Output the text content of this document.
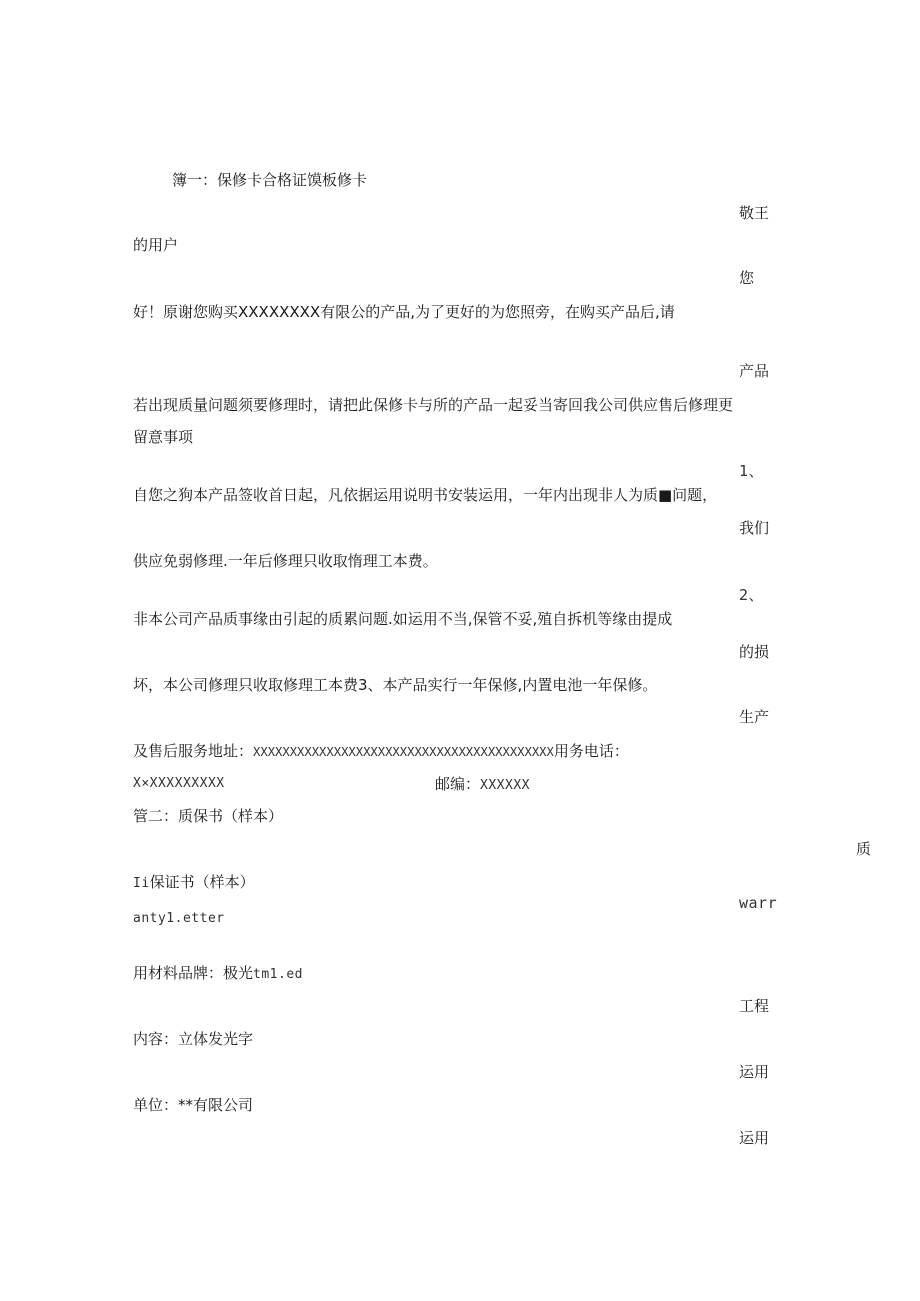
簿一：保修卡合格证馍板修卡

的用户

好！原谢您购买XXXXXXXX有限公的产品,为了更好的为您照旁，在购买产品后,请

若出现质量问题须要修理时，请把此保修卡与所的产品一起妥当寄回我公司供应售后修理更

留意事项

自您之狗本产品签收首日起，凡依据运用说明书安装运用，一年内出现非人为质■问题，

供应免弱修理.一年后修理只收取惰理工本费。

非本公司产品质事缘由引起的质累问题.如运用不当,保管不妥,殖自拆机等缘由提成

坏，本公司修理只收取修理工本费3、本产品实行一年保修,内置电池一年保修。

及售后服务地址：XXXXXXXXXXXXXXXXXXXXXXXXXXXXXXXXXXXXXXXXX用务电话：

X×XXXXXXXXX	邮编：XXXXXX

管二：质保书（样本）

Ii保证书（样本）

anty1.etter

用材料品牌：极光tm1.ed

内容：立体发光字

单位：**有限公司

敬王
您
产品
1、
我们
2、
的损
生产
warr
工程
运用
运用
质
